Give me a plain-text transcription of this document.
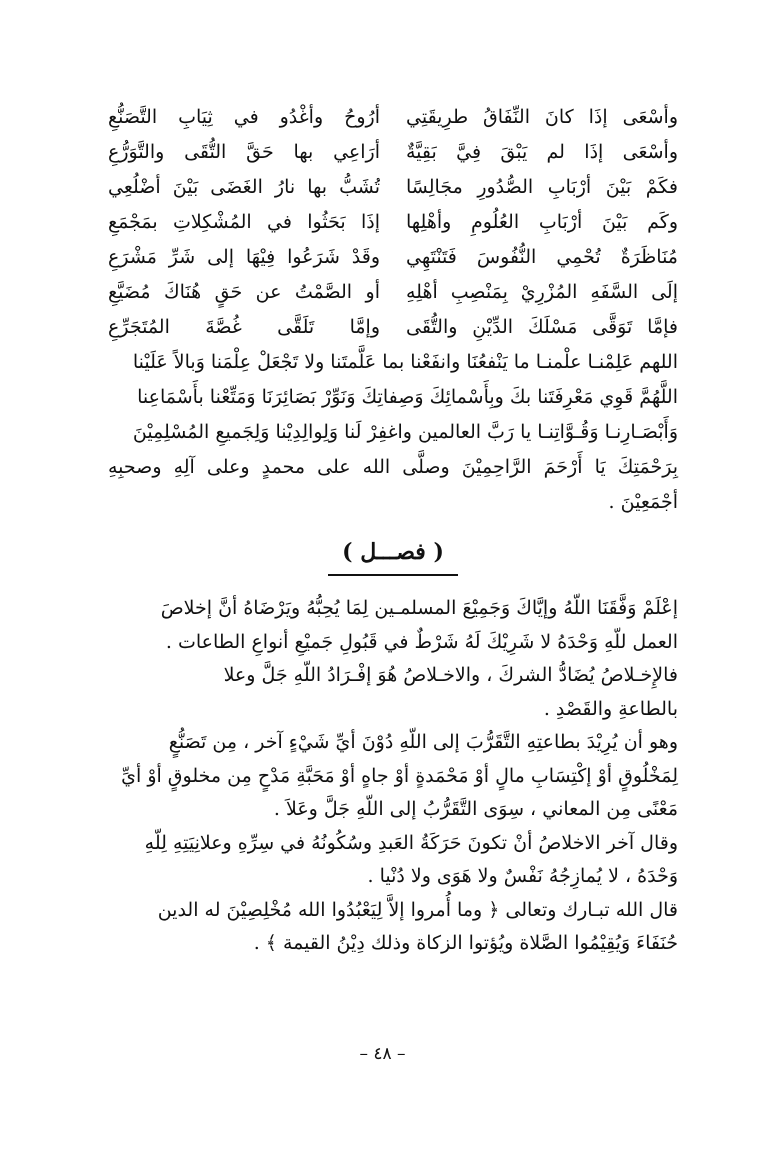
وأسْعَى إذَا كانَ النِّفَاقُ طرِيقَتِي
أرُوحُ وأغْدُو في ثِيَابِ التَّصَنُّعِ
وأسْعَى إذَا لم يَبْقَ فِيَّ بَقِيَّةٌ
أرَاعِي بها حَقَّ التُّقَى والتَّوَرُّعِ
فكَمْ بَيْنَ أرْبَابِ الصُّدُورِ مجَالِسًا
تُشَبُّ بها نارُ الغَضَى بَيْنَ أضْلُعِي
وكَم بَيْنَ أرْبَابِ العُلُومِ وأهْلِها
إذَا بَحَثُوا في المُشْكِلاتِ بمَجْمَعِ
مُنَاظَرَةٌ تُحْمِي النُّفُوسَ فَتَنْتَهِي
وقَدْ شَرَعُوا فِيْهَا إلى شَرِّ مَشْرَعِ
إلَى السَّفَهِ المُزْرِيْ بِمَنْصِبِ أهْلِهِ
أو الصَّمْتُ عن حَقٍ هُنَاكَ مُضَيَّعِ
فإمَّا تَوَقَّى مَسْلَكَ الدِّيْنِ والتُّقَى
وإمَّا تَلَقَّى غُصَّةَ المُتَجَرِّعِ

اللهم عَلِمْنـا علْمنـا ما يَنْفعُنَا وانفَعْنا بما عَلَّمتَنا ولا تَجْعَلْ عِلْمَنا وَبالاً عَلَيْنا

اللَّهُمَّ قَوِي مَعْرِفَتَنا بكَ وبِأَسْمائِكَ وَصِفاتِكَ وَنَوِّرْ بَصَائِرَنَا وَمَتِّعْنا بأَسْمَاعِنا

وَأَبْصَـارِنـا وَقُـوَّاتِنـا يا رَبَّ العالمين واغفِرْ لَنا وَلِوالِدِيْنا وَلِجَميعِ المُسْلِمِيْنَ

بِرَحْمَتِكَ يَا أَرْحَمَ الرَّاحِمِيْنَ وصلَّى الله على محمدٍ وعلى آلِهِ وصحبِهِ أجْمَعِيْنَ .

( فصـــل )

إعْلَمْ وَفَّقَنَا اللّهُ وإيَّاكَ وَجَمِيْعَ المسلمـين لِمَا يُحِبُّهُ ويَرْضَاهُ أنَّ إخلاصَ

العمل للّهِ وَحْدَهُ لا شَرِيْكَ لَهُ شَرْطٌ في قَبُولِ جَميْعِ أنواعِ الطاعات .

فالإِخـلاصُ يُضَادُّ الشركَ ، والاخـلاصُ هُوَ إفْـرَادُ اللّهِ جَلَّ وعلا

بالطاعةِ والقَصْدِ .

وهو أن يُرِيْدَ بطاعتِهِ التَّقَرُّبَ إلى اللّهِ دُوْنَ أيِّ شَيْءٍ آخر ، مِن تَصَنُّعٍ

لِمَخْلُوقٍ أوْ إكْتِسَابِ مالٍ أوْ مَحْمَدةٍ أوْ جاهٍ أوْ مَحَبَّةِ مَدْحٍ مِن مخلوقٍ أوْ أيِّ

مَعْنًى مِن المعاني ، سِوَى التَّقَرُّبُ إلى اللّهِ جَلَّ وعَلاَ .

وقال آخر الاخلاصُ أنْ تكونَ حَرَكَةُ العَبدِ وسُكُونُهُ في سِرِّهِ وعلانِيَتِهِ لِلّهِ

وَحْدَهُ ، لا يُمازِجُهُ نَفْسٌ ولا هَوَى ولا دُنْيا .

قال الله تبـارك وتعالى ﴿ وما أُمروا إلاَّ لِيَعْبُدُوا الله مُخْلِصِيْنَ له الدين

حُنَفَاءَ وَيُقِيْمُوا الصَّلاة ويُؤتوا الزكاة وذلك دِيْنُ القيمة ﴾ .

– ٤٨ –
